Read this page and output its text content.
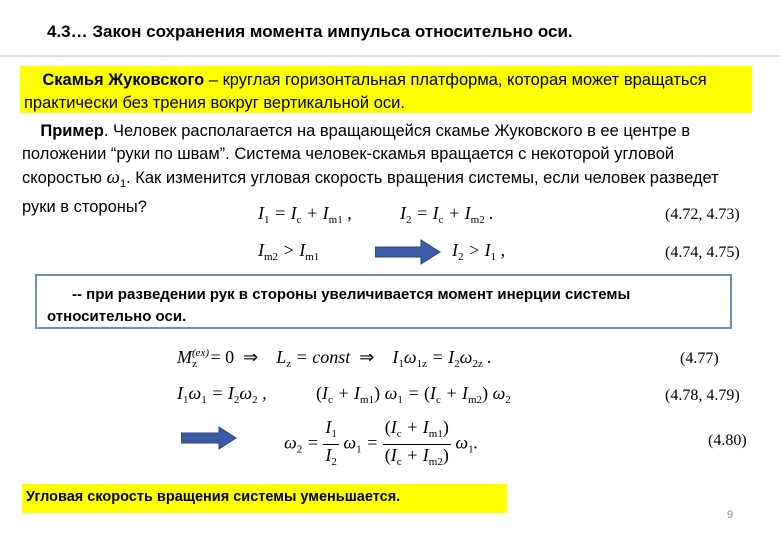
4.3… Закон сохранения момента импульса относительно оси.
Скамья Жуковского – круглая горизонтальная платформа, которая может вращаться практически без трения вокруг вертикальной оси.
Пример. Человек располагается на вращающейся скамье Жуковского в ее центре в положении “руки по швам”. Система человек-скамья вращается с некоторой угловой скоростью $\omega_1$. Как изменится угловая скорость вращения системы, если человек разведет руки в стороны?	$I_1 = I_c + I_{m1}$ ,	$I_2 = I_c + I_{m2}$ .	(4.72, 4.73)
$I_{m2} > I_{m1}$	$I_2 > I_1$ ,	(4.74, 4.75)
-- при разведении рук в стороны увеличивается момент инерции системы относительно оси.
$M^{(ex)}_z = 0$  ⇒    $L_z$ = const  ⇒    $I_1\omega_{1z} = I_2\omega_{2z}$ .	(4.77)
$I_1\omega_1 = I_2\omega_2$ ,	$(I_c + I_{m1}) \omega_1 = (I_c + I_{m2})$ $\omega_2$	(4.78, 4.79)
$\omega_2 = \frac{I_1}{I_2} \omega_1 = \frac{(I_c + I_{m1})}{(I_c + I_{m2})} \omega_1$.	(4.80)
Угловая скорость вращения системы уменьшается.
9
